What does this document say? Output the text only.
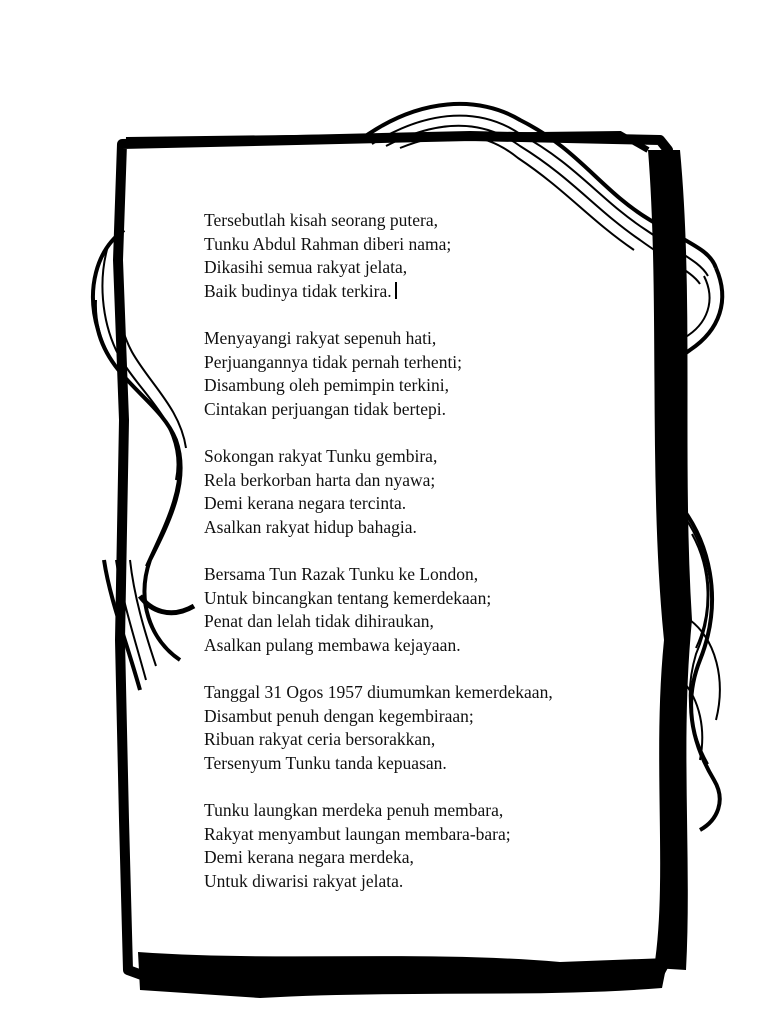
Tersebutlah kisah seorang putera,
Tunku Abdul Rahman diberi nama;
Dikasihi semua rakyat jelata,
Baik budinya tidak terkira.
Menyayangi rakyat sepenuh hati,
Perjuangannya tidak pernah terhenti;
Disambung oleh pemimpin terkini,
Cintakan perjuangan tidak bertepi.
Sokongan rakyat Tunku gembira,
Rela berkorban harta dan nyawa;
Demi kerana negara tercinta.
Asalkan rakyat hidup bahagia.
Bersama Tun Razak Tunku ke London,
Untuk bincangkan tentang kemerdekaan;
Penat dan lelah tidak dihiraukan,
Asalkan pulang membawa kejayaan.
Tanggal 31 Ogos 1957 diumumkan kemerdekaan,
Disambut penuh dengan kegembiraan;
Ribuan rakyat ceria bersorakkan,
Tersenyum Tunku tanda kepuasan.
Tunku laungkan merdeka penuh membara,
Rakyat menyambut laungan membara-bara;
Demi kerana negara merdeka,
Untuk diwarisi rakyat jelata.
